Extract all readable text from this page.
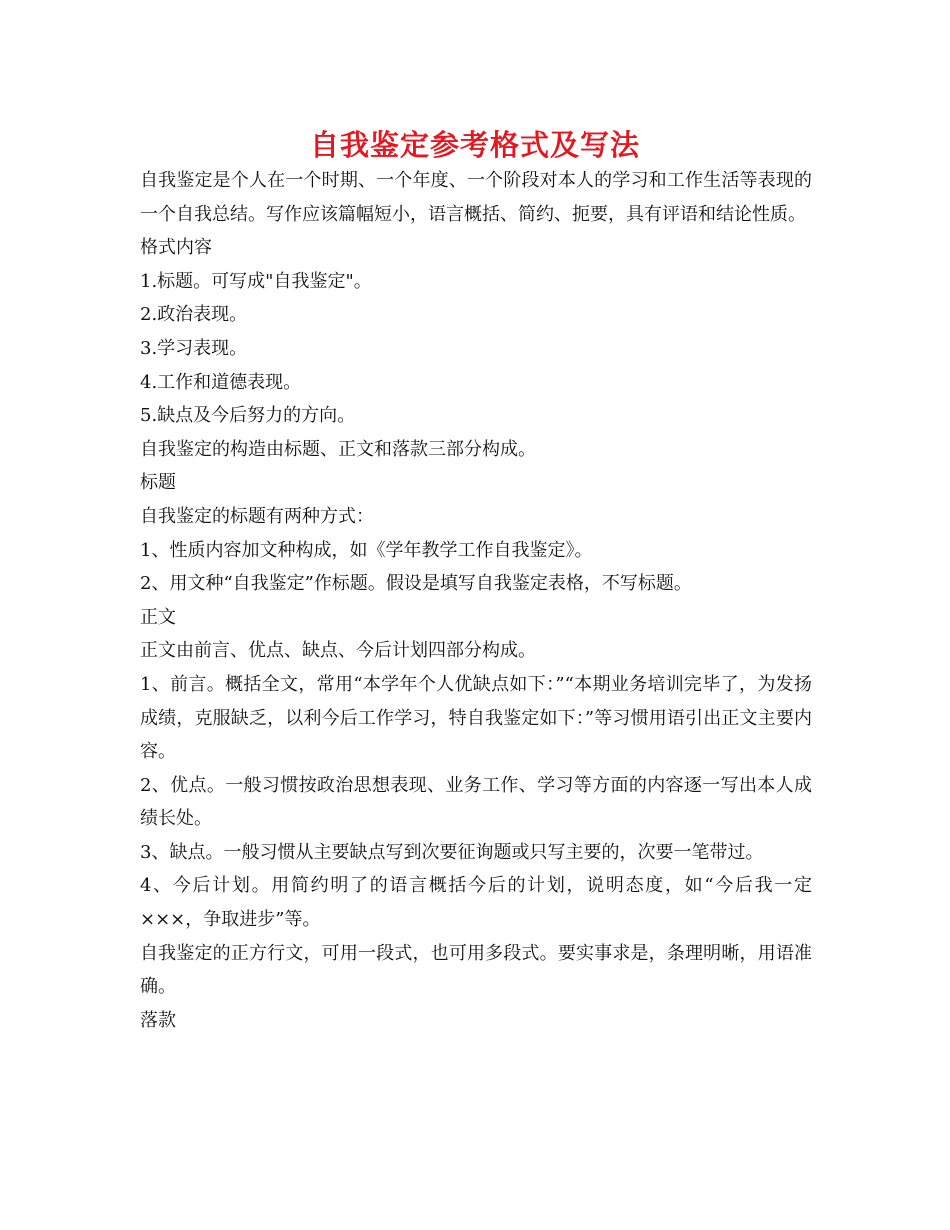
自我鉴定参考格式及写法

自我鉴定是个人在一个时期、一个年度、一个阶段对本人的学习和工作生活等表现的一个自我总结。写作应该篇幅短小，语言概括、简约、扼要，具有评语和结论性质。

格式内容

1.标题。可写成"自我鉴定"。

2.政治表现。

3.学习表现。

4.工作和道德表现。

5.缺点及今后努力的方向。

自我鉴定的构造由标题、正文和落款三部分构成。

标题

自我鉴定的标题有两种方式：

1、性质内容加文种构成，如《学年教学工作自我鉴定》。

2、用文种“自我鉴定”作标题。假设是填写自我鉴定表格，不写标题。

正文

正文由前言、优点、缺点、今后计划四部分构成。

1、前言。概括全文，常用“本学年个人优缺点如下：”“本期业务培训完毕了，为发扬成绩，克服缺乏，以利今后工作学习，特自我鉴定如下：”等习惯用语引出正文主要内容。

2、优点。一般习惯按政治思想表现、业务工作、学习等方面的内容逐一写出本人成绩长处。

3、缺点。一般习惯从主要缺点写到次要征询题或只写主要的，次要一笔带过。

4、今后计划。用简约明了的语言概括今后的计划，说明态度，如“今后我一定×××，争取进步”等。

自我鉴定的正方行文，可用一段式，也可用多段式。要实事求是，条理明晰，用语准确。

落款
